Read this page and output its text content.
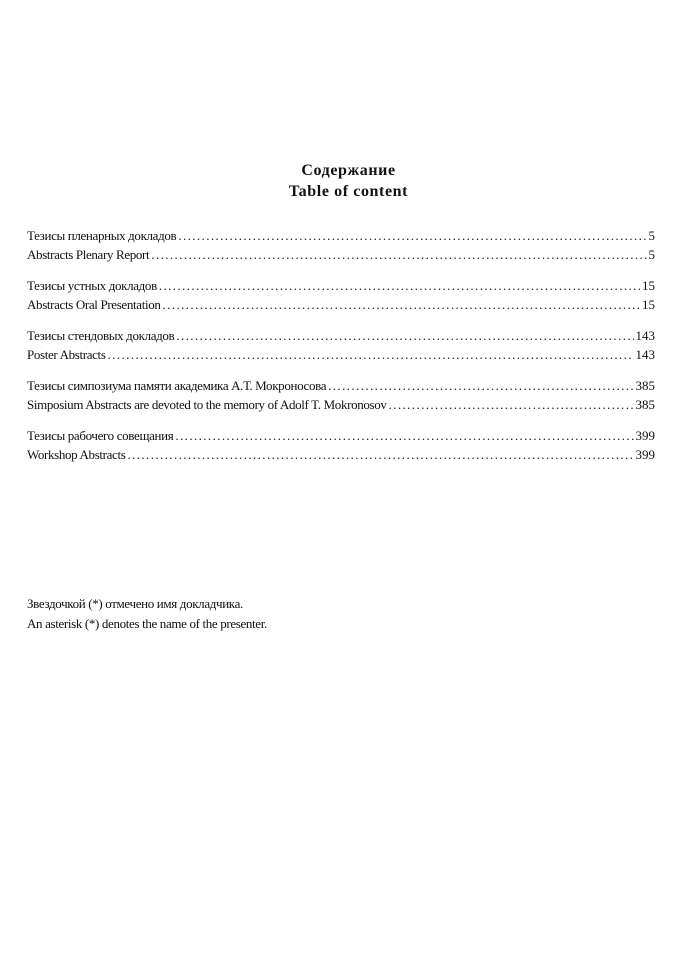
Содержание
Table of content
Тезисы пленарных докладов .....	5
Abstracts Plenary Report .....	5
Тезисы устных докладов .....	15
Abstracts Oral Presentation .....	15
Тезисы стендовых докладов .....	143
Poster Abstracts .....	143
Тезисы симпозиума памяти академика А.Т. Мокроносова .....	385
Simposium Abstracts are devoted to the memory of Adolf T. Mokronosov .....	385
Тезисы рабочего совещания .....	399
Workshop Abstracts .....	399
Звездочкой (*) отмечено имя докладчика.
An asterisk (*) denotes the name of the presenter.
